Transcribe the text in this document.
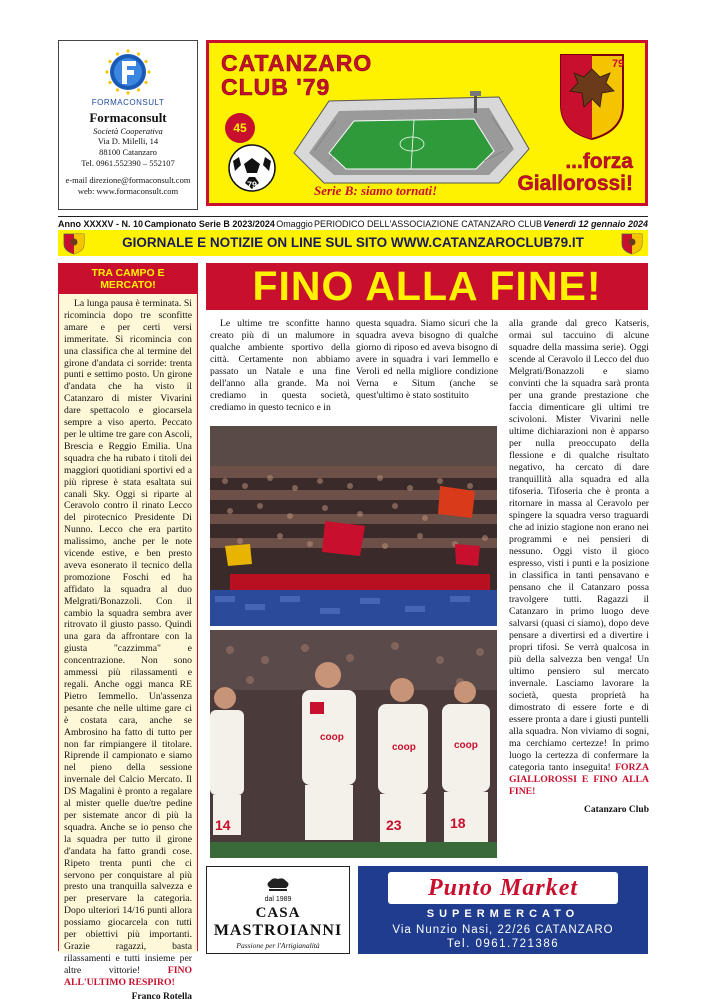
FORMACONSULT
Formaconsult
Società Cooperativa
Via D. Milelli, 14
88100 Catanzaro
Tel. 0961.552390 – 552107
e-mail direzione@formaconsult.com
web: www.formaconsult.com
CATANZARO
CLUB '79
45
79
79
Serie B: siamo tornati!
...forza
Giallorossi!
Anno XXXXV - N. 10 Campionato Serie B 2023/2024 Omaggio PERIODICO DELL'ASSOCIAZIONE CATANZARO CLUB Venerdì 12 gennaio 2024
GIORNALE E NOTIZIE ON LINE SUL SITO WWW.CATANZAROCLUB79.IT
TRA CAMPO E MERCATO!
La lunga pausa è terminata. Si ricomincia dopo tre sconfitte amare e per certi versi immeritate. Si ricomincia con una classifica che al termine del girone d'andata ci sorride: trenta punti e settimo posto. Un girone d'andata che ha visto il Catanzaro di mister Vivarini dare spettacolo e giocarsela sempre a viso aperto. Peccato per le ultime tre gare con Ascoli, Brescia e Reggio Emilia. Una squadra che ha rubato i titoli dei maggiori quotidiani sportivi ed a più riprese è stata esaltata sui canali Sky. Oggi si riparte al Ceravolo contro il rinato Lecco del pirotecnico Presidente Di Nunno. Lecco che era partito malissimo, anche per le note vicende estive, e ben presto aveva esonerato il tecnico della promozione Foschi ed ha affidato la squadra al duo Melgrati/Bonazzoli. Con il cambio la squadra sembra aver ritrovato il giusto passo. Quindi una gara da affrontare con la giusta "cazzimma" e concentrazione. Non sono ammessi più rilassamenti e regali. Anche oggi manca RE Pietro Iemmello. Un'assenza pesante che nelle ultime gare ci è costata cara, anche se Ambrosino ha fatto di tutto per non far rimpiangere il titolare. Riprende il campionato e siamo nel pieno della sessione invernale del Calcio Mercato. Il DS Magalini è pronto a regalare al mister quelle due/tre pedine per sistemate ancor di più la squadra. Anche se io penso che la squadra per tutto il girone d'andata ha fatto grandi cose. Ripeto trenta punti che ci servono per conquistare al più presto una tranquilla salvezza e per preservare la categoria. Dopo ulteriori 14/16 punti allora possiamo giocarcela con tutti per obiettivi più importanti. Grazie ragazzi, basta rilassamenti e tutti insieme per altre vittorie!	FINO ALL'ULTIMO RESPIRO!
Franco Rotella
FINO ALLA FINE!
Le ultime tre sconfitte hanno creato più di un malumore in qualche ambiente sportivo della città. Certamente non abbiamo passato un Natale e una fine dell'anno alla grande. Ma noi crediamo in questa società, crediamo in questo tecnico e in
questa squadra. Siamo sicuri che la squadra aveva bisogno di qualche giorno di riposo ed aveva bisogno di avere in squadra i vari Iemmello e Veroli ed nella migliore condizione Verna e Situm (anche se quest'ultimo è stato sostituito
alla grande dal greco Katseris, ormai sul taccuino di alcune squadre della massima serie). Oggi scende al Ceravolo il Lecco del duo Melgrati/Bonazzoli e siamo convinti che la squadra sarà pronta per una grande prestazione che faccia dimenticare gli ultimi tre scivoloni. Mister Vivarini nelle ultime dichiarazioni non è apparso per nulla preoccupato della flessione e di qualche risultato negativo, ha cercato di dare tranquillità alla squadra ed alla tifoseria. Tifoseria che è pronta a ritornare in massa al Ceravolo per spingere la squadra verso traguardi che ad inizio stagione non erano nei programmi e nei pensieri di nessuno. Oggi visto il gioco espresso, visti i punti e la posizione in classifica in tanti pensavano e pensano che il Catanzaro possa travolgere tutti. Ragazzi il Catanzaro in primo luogo deve salvarsi (quasi ci siamo), dopo deve pensare a divertirsi ed a divertire i propri tifosi. Se verrà qualcosa in più della salvezza ben venga! Un ultimo pensiero sul mercato invernale. Lasciamo lavorare la società, questa proprietà ha dimostrato di essere forte e di essere pronta a dare i giusti puntelli alla squadra. Non viviamo di sogni, ma cerchiamo certezze! In primo luogo la certezza di confermare la categoria tanto inseguita! FORZA GIALLOROSSI E FINO ALLA FINE!
Catanzaro Club
14
coop
coop
23
coop
18
dal 1989
CASA
MASTROIANNI
Passione per l'Artigianalità
Punto Market
SUPERMERCATO
Via Nunzio Nasi, 22/26 CATANZARO
Tel. 0961.721386
